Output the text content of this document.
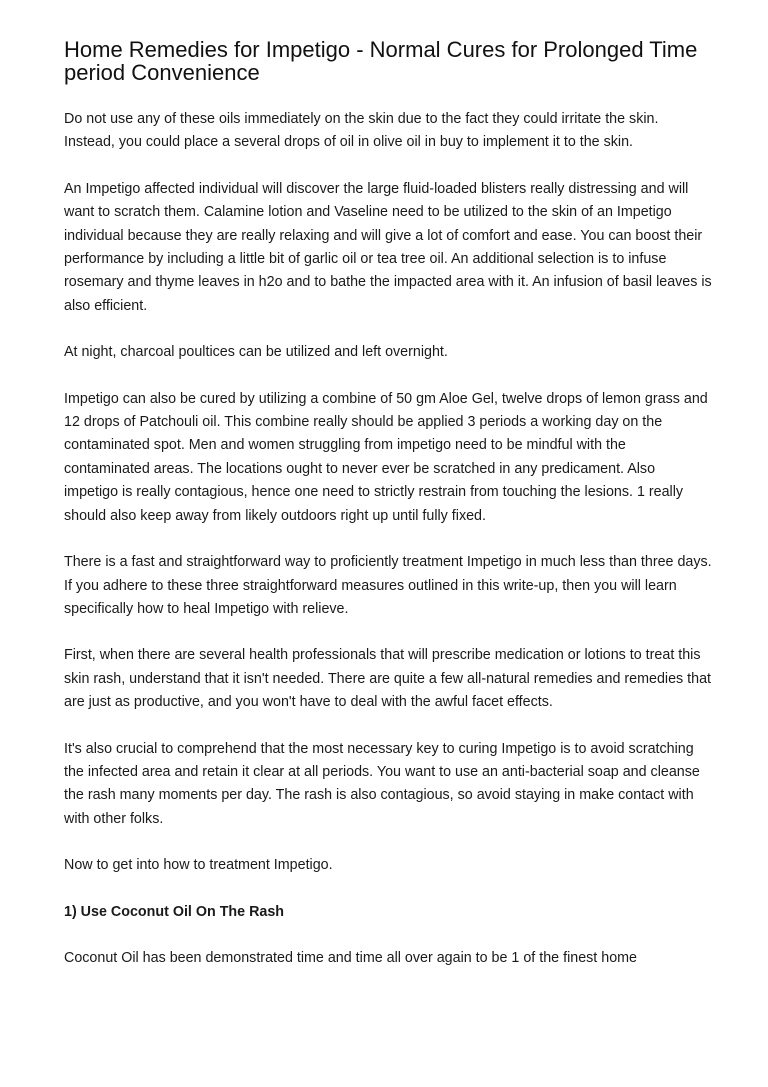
Home Remedies for Impetigo - Normal Cures for Prolonged Time period Convenience

Do not use any of these oils immediately on the skin due to the fact they could irritate the skin. Instead, you could place a several drops of oil in olive oil in buy to implement it to the skin.

An Impetigo affected individual will discover the large fluid-loaded blisters really distressing and will want to scratch them. Calamine lotion and Vaseline need to be utilized to the skin of an Impetigo individual because they are really relaxing and will give a lot of comfort and ease. You can boost their performance by including a little bit of garlic oil or tea tree oil. An additional selection is to infuse rosemary and thyme leaves in h2o and to bathe the impacted area with it. An infusion of basil leaves is also efficient.

At night, charcoal poultices can be utilized and left overnight.

Impetigo can also be cured by utilizing a combine of 50 gm Aloe Gel, twelve drops of lemon grass and 12 drops of Patchouli oil. This combine really should be applied 3 periods a working day on the contaminated spot. Men and women struggling from impetigo need to be mindful with the contaminated areas. The locations ought to never ever be scratched in any predicament. Also impetigo is really contagious, hence one need to strictly restrain from touching the lesions. 1 really should also keep away from likely outdoors right up until fully fixed.

There is a fast and straightforward way to proficiently treatment Impetigo in much less than three days. If you adhere to these three straightforward measures outlined in this write-up, then you will learn specifically how to heal Impetigo with relieve.

First, when there are several health professionals that will prescribe medication or lotions to treat this skin rash, understand that it isn't needed. There are quite a few all-natural remedies and remedies that are just as productive, and you won't have to deal with the awful facet effects.

It's also crucial to comprehend that the most necessary key to curing Impetigo is to avoid scratching the infected area and retain it clear at all periods. You want to use an anti-bacterial soap and cleanse the rash many moments per day. The rash is also contagious, so avoid staying in make contact with with other folks.

Now to get into how to treatment Impetigo.

1) Use Coconut Oil On The Rash

Coconut Oil has been demonstrated time and time all over again to be 1 of the finest home
